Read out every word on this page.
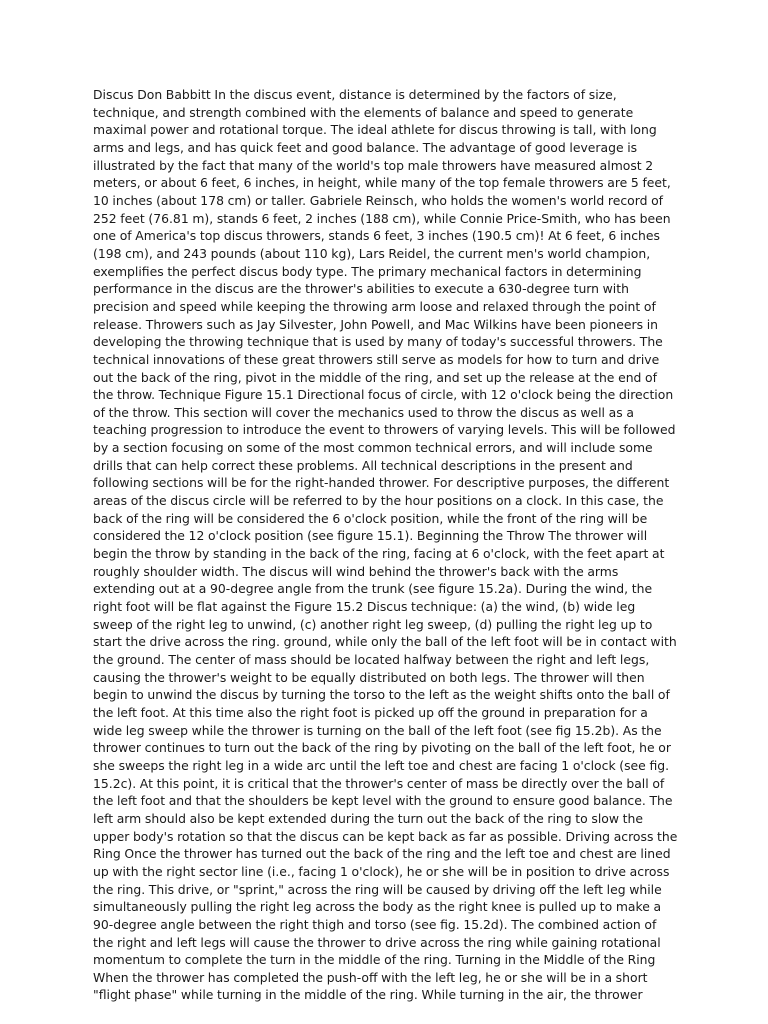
Discus Don Babbitt In the discus event, distance is determined by the factors of size, technique, and strength combined with the elements of balance and speed to generate maximal power and rotational torque. The ideal athlete for discus throwing is tall, with long arms and legs, and has quick feet and good balance. The advantage of good leverage is illustrated by the fact that many of the world's top male throwers have measured almost 2 meters, or about 6 feet, 6 inches, in height, while many of the top female throwers are 5 feet, 10 inches (about 178 cm) or taller. Gabriele Reinsch, who holds the women's world record of 252 feet (76.81 m), stands 6 feet, 2 inches (188 cm), while Connie Price-Smith, who has been one of America's top discus throwers, stands 6 feet, 3 inches (190.5 cm)! At 6 feet, 6 inches (198 cm), and 243 pounds (about 110 kg), Lars Reidel, the current men's world champion, exemplifies the perfect discus body type. The primary mechanical factors in determining performance in the discus are the thrower's abilities to execute a 630-degree turn with precision and speed while keeping the throwing arm loose and relaxed through the point of release. Throwers such as Jay Silvester, John Powell, and Mac Wilkins have been pioneers in developing the throwing technique that is used by many of today's successful throwers. The technical innovations of these great throwers still serve as models for how to turn and drive out the back of the ring, pivot in the middle of the ring, and set up the release at the end of the throw. Technique Figure 15.1 Directional focus of circle, with 12 o'clock being the direction of the throw. This section will cover the mechanics used to throw the discus as well as a teaching progression to introduce the event to throwers of varying levels. This will be followed by a section focusing on some of the most common technical errors, and will include some drills that can help correct these problems. All technical descriptions in the present and following sections will be for the right-handed thrower. For descriptive purposes, the different areas of the discus circle will be referred to by the hour positions on a clock. In this case, the back of the ring will be considered the 6 o'clock position, while the front of the ring will be considered the 12 o'clock position (see figure 15.1). Beginning the Throw The thrower will begin the throw by standing in the back of the ring, facing at 6 o'clock, with the feet apart at roughly shoulder width. The discus will wind behind the thrower's back with the arms extending out at a 90-degree angle from the trunk (see figure 15.2a). During the wind, the right foot will be flat against the Figure 15.2 Discus technique: (a) the wind, (b) wide leg sweep of the right leg to unwind, (c) another right leg sweep, (d) pulling the right leg up to start the drive across the ring. ground, while only the ball of the left foot will be in contact with the ground. The center of mass should be located halfway between the right and left legs, causing the thrower's weight to be equally distributed on both legs. The thrower will then begin to unwind the discus by turning the torso to the left as the weight shifts onto the ball of the left foot. At this time also the right foot is picked up off the ground in preparation for a wide leg sweep while the thrower is turning on the ball of the left foot (see fig 15.2b). As the thrower continues to turn out the back of the ring by pivoting on the ball of the left foot, he or she sweeps the right leg in a wide arc until the left toe and chest are facing 1 o'clock (see fig. 15.2c). At this point, it is critical that the thrower's center of mass be directly over the ball of the left foot and that the shoulders be kept level with the ground to ensure good balance. The left arm should also be kept extended during the turn out the back of the ring to slow the upper body's rotation so that the discus can be kept back as far as possible. Driving across the Ring Once the thrower has turned out the back of the ring and the left toe and chest are lined up with the right sector line (i.e., facing 1 o'clock), he or she will be in position to drive across the ring. This drive, or "sprint," across the ring will be caused by driving off the left leg while simultaneously pulling the right leg across the body as the right knee is pulled up to make a 90-degree angle between the right thigh and torso (see fig. 15.2d). The combined action of the right and left legs will cause the thrower to drive across the ring while gaining rotational momentum to complete the turn in the middle of the ring. Turning in the Middle of the Ring When the thrower has completed the push-off with the left leg, he or she will be in a short "flight phase" while turning in the middle of the ring. While turning in the air, the thrower
